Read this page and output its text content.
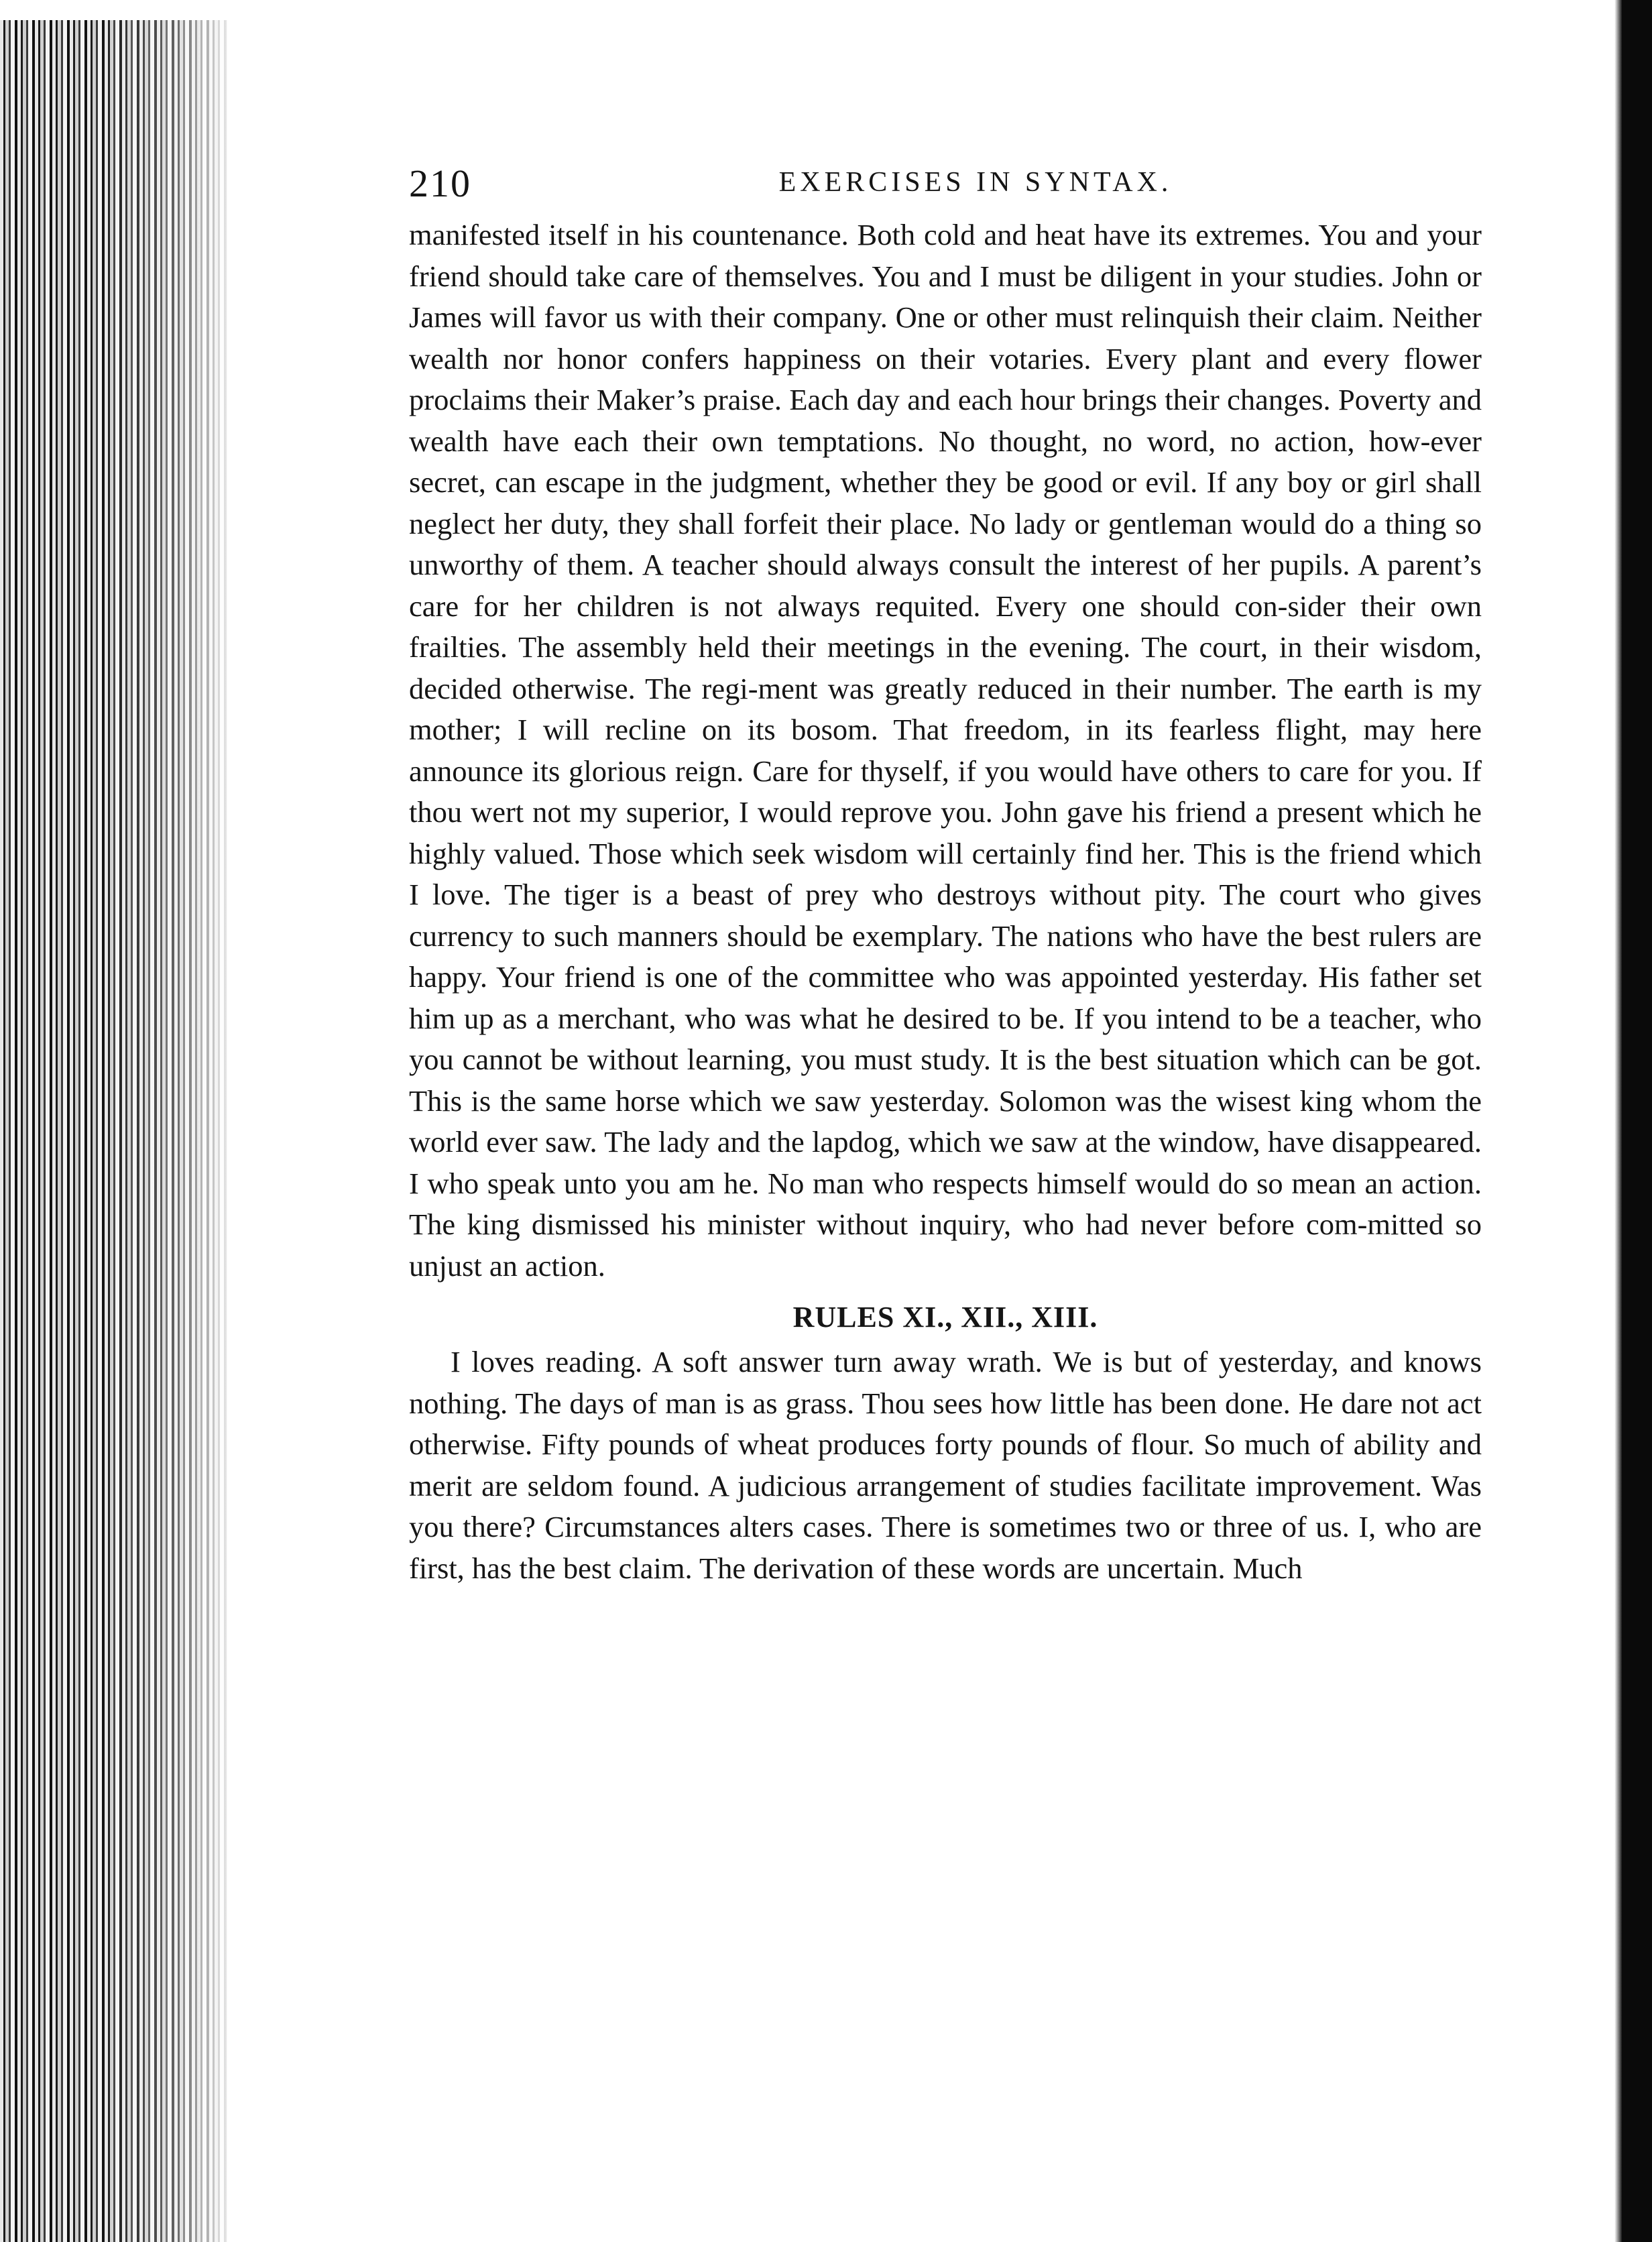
210	EXERCISES IN SYNTAX.

manifested itself in his countenance. Both cold and heat have its extremes. You and your friend should take care of themselves. You and I must be diligent in your studies. John or James will favor us with their company. One or other must relinquish their claim. Neither wealth nor honor confers happiness on their votaries. Every plant and every flower proclaims their Maker’s praise. Each day and each hour brings their changes. Poverty and wealth have each their own temptations. No thought, no word, no action, how-ever secret, can escape in the judgment, whether they be good or evil. If any boy or girl shall neglect her duty, they shall forfeit their place. No lady or gentleman would do a thing so unworthy of them. A teacher should always consult the interest of her pupils. A parent’s care for her children is not always requited. Every one should con-sider their own frailties. The assembly held their meetings in the evening. The court, in their wisdom, decided otherwise. The regi-ment was greatly reduced in their number. The earth is my mother; I will recline on its bosom. That freedom, in its fearless flight, may here announce its glorious reign. Care for thyself, if you would have others to care for you. If thou wert not my superior, I would reprove you. John gave his friend a present which he highly valued. Those which seek wisdom will certainly find her. This is the friend which I love. The tiger is a beast of prey who destroys without pity. The court who gives currency to such manners should be exemplary. The nations who have the best rulers are happy. Your friend is one of the committee who was appointed yesterday. His father set him up as a merchant, who was what he desired to be. If you intend to be a teacher, who you cannot be without learning, you must study. It is the best situation which can be got. This is the same horse which we saw yesterday. Solomon was the wisest king whom the world ever saw. The lady and the lapdog, which we saw at the window, have disappeared. I who speak unto you am he. No man who respects himself would do so mean an action. The king dismissed his minister without inquiry, who had never before com-mitted so unjust an action.

RULES XI., XII., XIII.

I loves reading. A soft answer turn away wrath. We is but of yesterday, and knows nothing. The days of man is as grass. Thou sees how little has been done. He dare not act otherwise. Fifty pounds of wheat produces forty pounds of flour. So much of ability and merit are seldom found. A judicious arrangement of studies facilitate improvement. Was you there? Circumstances alters cases. There is sometimes two or three of us. I, who are first, has the best claim. The derivation of these words are uncertain. Much
